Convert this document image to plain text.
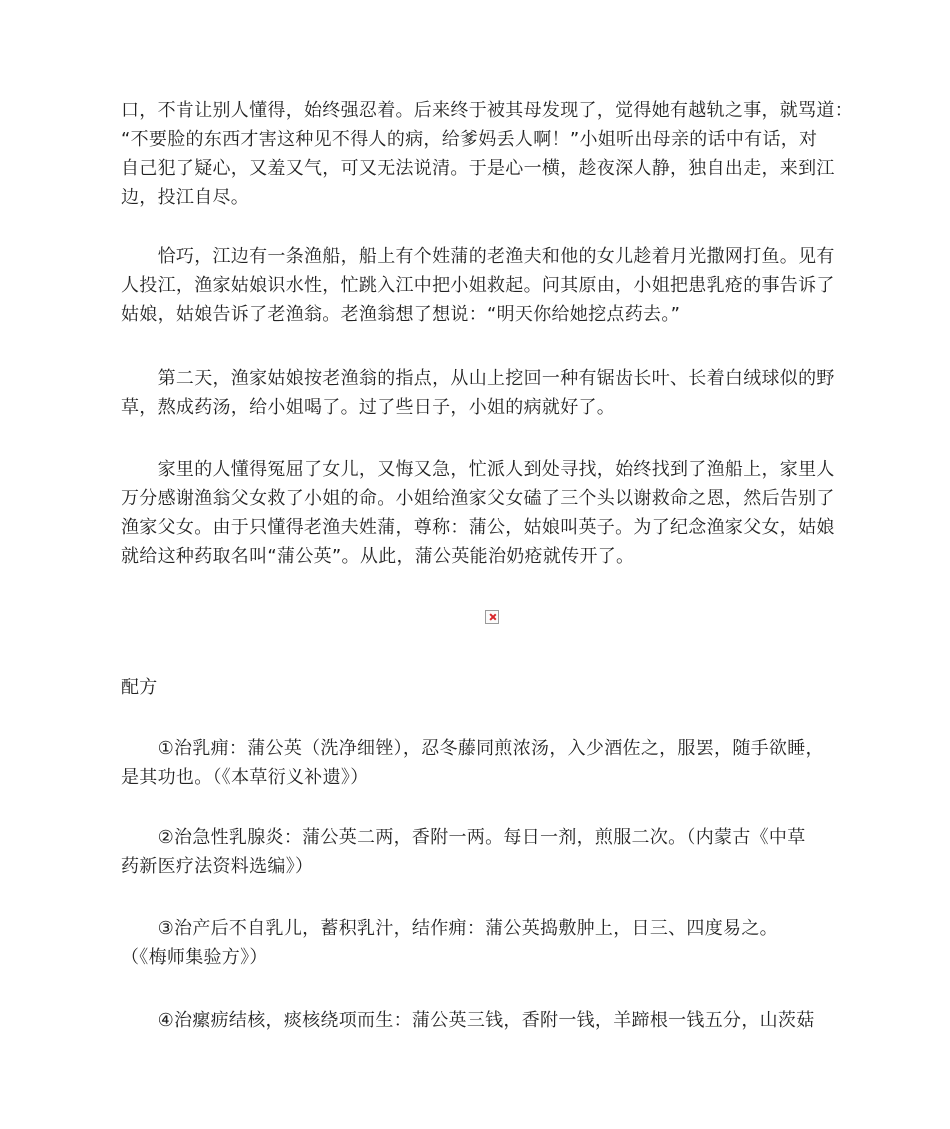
口，不肯让别人懂得，始终强忍着。后来终于被其母发现了，觉得她有越轨之事，就骂道：
“不要脸的东西才害这种见不得人的病，给爹妈丢人啊！”小姐听出母亲的话中有话，对
自己犯了疑心，又羞又气，可又无法说清。于是心一横，趁夜深人静，独自出走，来到江
边，投江自尽。
　　恰巧，江边有一条渔船，船上有个姓蒲的老渔夫和他的女儿趁着月光撒网打鱼。见有
人投江，渔家姑娘识水性，忙跳入江中把小姐救起。问其原由，小姐把患乳疮的事告诉了
姑娘，姑娘告诉了老渔翁。老渔翁想了想说：“明天你给她挖点药去。”
　　第二天，渔家姑娘按老渔翁的指点，从山上挖回一种有锯齿长叶、长着白绒球似的野
草，熬成药汤，给小姐喝了。过了些日子，小姐的病就好了。
　　家里的人懂得冤屈了女儿，又悔又急，忙派人到处寻找，始终找到了渔船上，家里人
万分感谢渔翁父女救了小姐的命。小姐给渔家父女磕了三个头以谢救命之恩，然后告别了
渔家父女。由于只懂得老渔夫姓蒲，尊称：蒲公，姑娘叫英子。为了纪念渔家父女，姑娘
就给这种药取名叫“蒲公英”。从此，蒲公英能治奶疮就传开了。
配方
　　①治乳痈：蒲公英（洗净细锉），忍冬藤同煎浓汤，入少酒佐之，服罢，随手欲睡，
是其功也。（《本草衍义补遗》）
　　②治急性乳腺炎：蒲公英二两，香附一两。每日一剂，煎服二次。（内蒙古《中草
药新医疗法资料选编》）
　　③治产后不自乳儿，蓄积乳汁，结作痈：蒲公英捣敷肿上，日三、四度易之。
（《梅师集验方》）
　　④治瘰疬结核，痰核绕项而生：蒲公英三钱，香附一钱，羊蹄根一钱五分，山茨菇
